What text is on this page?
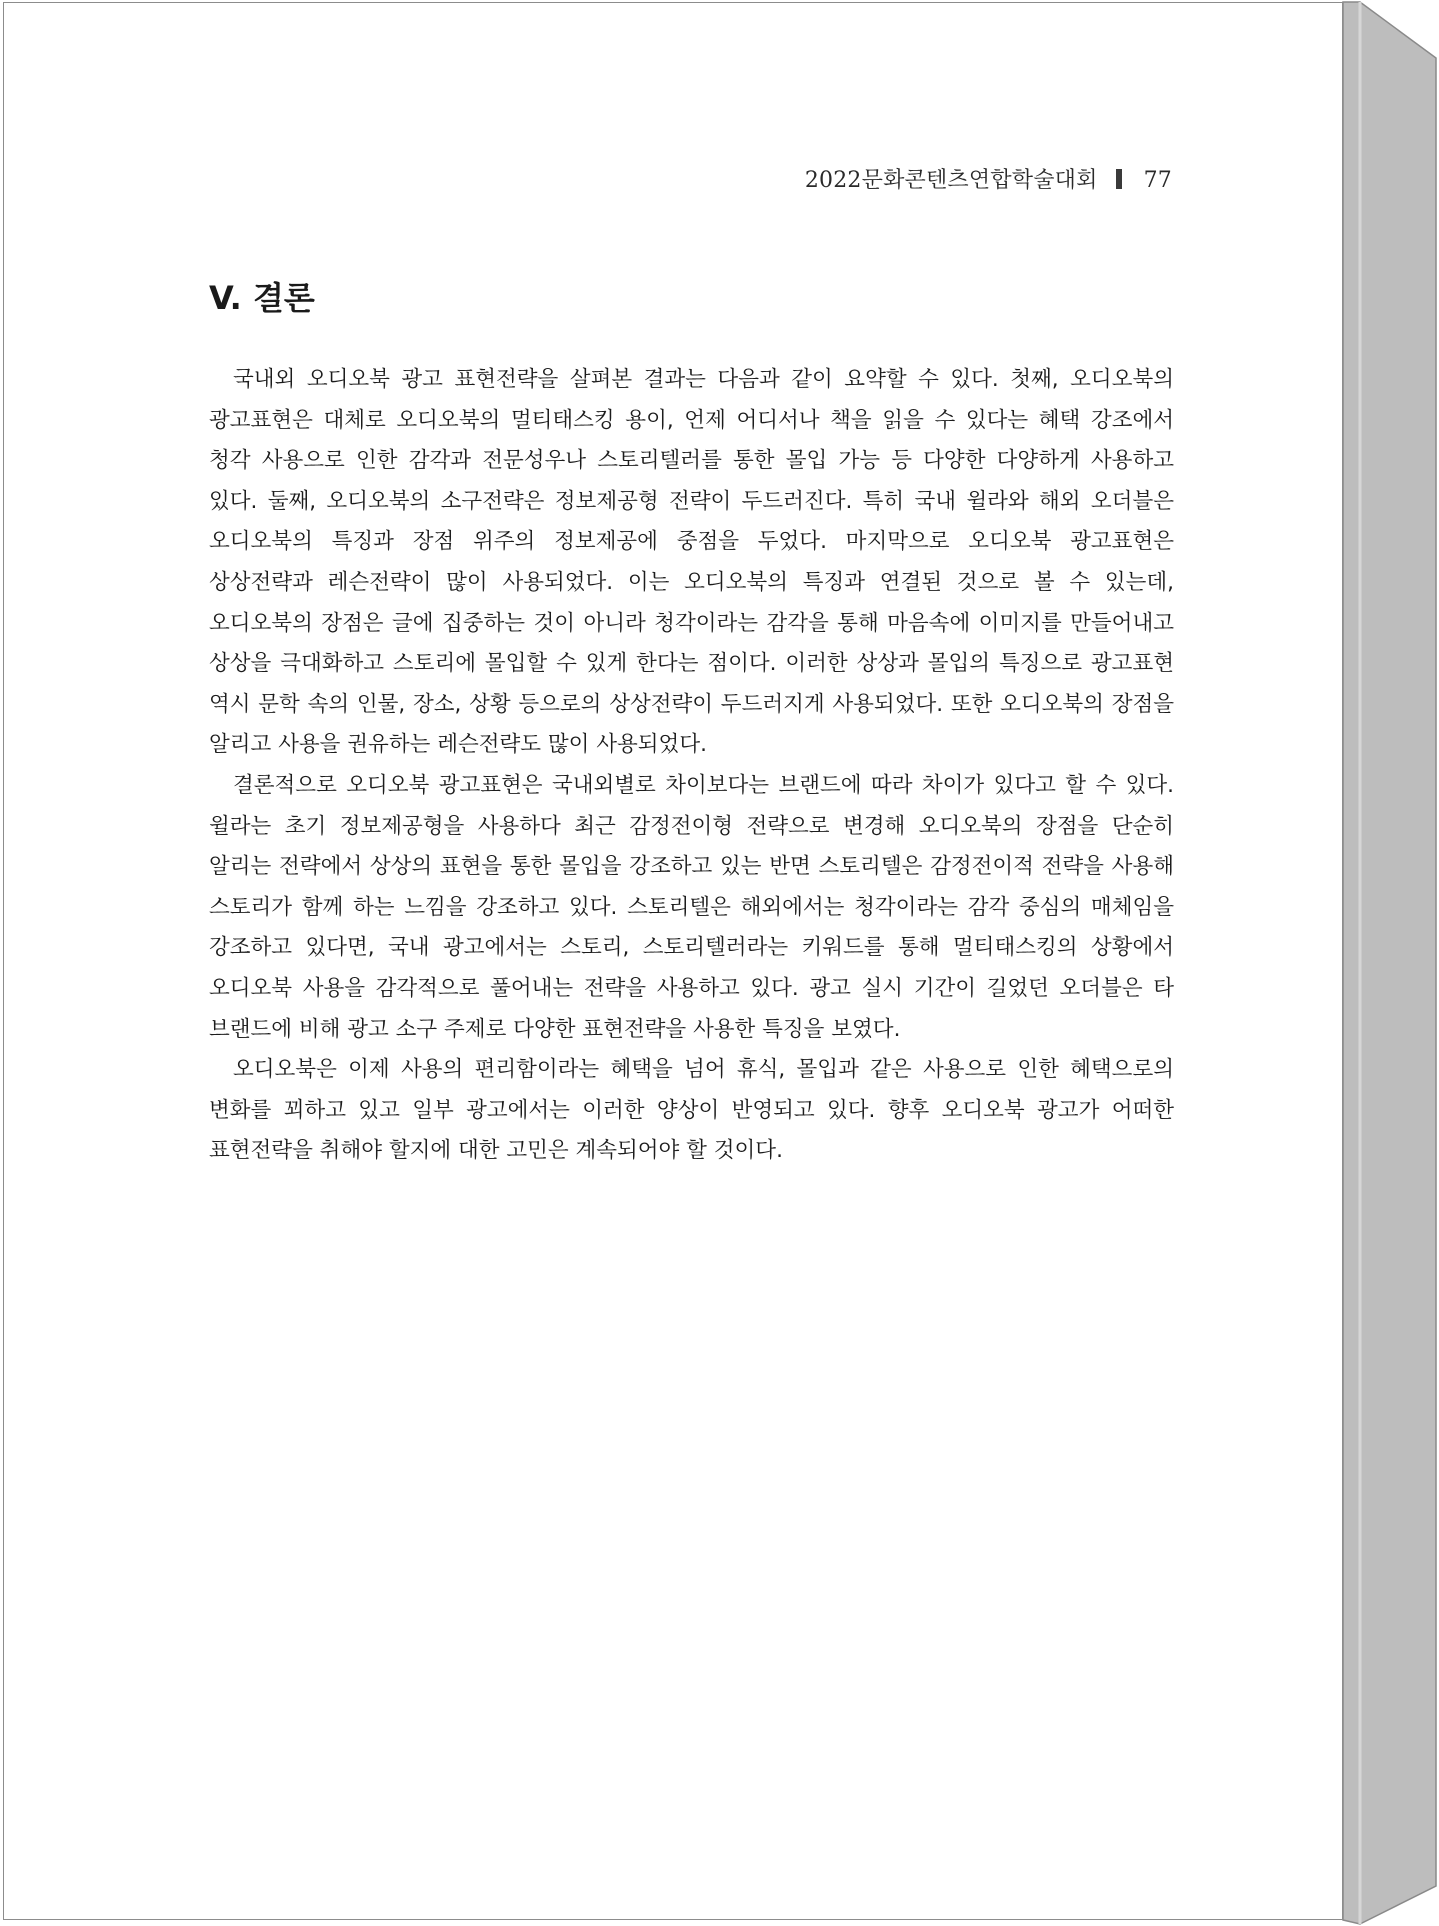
2022문화콘텐츠연합학술대회 77
V. 결론

국내외 오디오북 광고 표현전략을 살펴본 결과는 다음과 같이 요약할 수 있다. 첫째, 오디오북의 광고표현은 대체로 오디오북의 멀티태스킹 용이, 언제 어디서나 책을 읽을 수 있다는 혜택 강조에서 청각 사용으로 인한 감각과 전문성우나 스토리텔러를 통한 몰입 가능 등 다양한 다양하게 사용하고 있다. 둘째, 오디오북의 소구전략은 정보제공형 전략이 두드러진다. 특히 국내 윌라와 해외 오더블은 오디오북의 특징과 장점 위주의 정보제공에 중점을 두었다. 마지막으로 오디오북 광고표현은 상상전략과 레슨전략이 많이 사용되었다. 이는 오디오북의 특징과 연결된 것으로 볼 수 있는데, 오디오북의 장점은 글에 집중하는 것이 아니라 청각이라는 감각을 통해 마음속에 이미지를 만들어내고 상상을 극대화하고 스토리에 몰입할 수 있게 한다는 점이다. 이러한 상상과 몰입의 특징으로 광고표현 역시 문학 속의 인물, 장소, 상황 등으로의 상상전략이 두드러지게 사용되었다. 또한 오디오북의 장점을 알리고 사용을 권유하는 레슨전략도 많이 사용되었다.

결론적으로 오디오북 광고표현은 국내외별로 차이보다는 브랜드에 따라 차이가 있다고 할 수 있다. 윌라는 초기 정보제공형을 사용하다 최근 감정전이형 전략으로 변경해 오디오북의 장점을 단순히 알리는 전략에서 상상의 표현을 통한 몰입을 강조하고 있는 반면 스토리텔은 감정전이적 전략을 사용해 스토리가 함께 하는 느낌을 강조하고 있다. 스토리텔은 해외에서는 청각이라는 감각 중심의 매체임을 강조하고 있다면, 국내 광고에서는 스토리, 스토리텔러라는 키워드를 통해 멀티태스킹의 상황에서 오디오북 사용을 감각적으로 풀어내는 전략을 사용하고 있다. 광고 실시 기간이 길었던 오더블은 타 브랜드에 비해 광고 소구 주제로 다양한 표현전략을 사용한 특징을 보였다.

오디오북은 이제 사용의 편리함이라는 혜택을 넘어 휴식, 몰입과 같은 사용으로 인한 혜택으로의 변화를 꾀하고 있고 일부 광고에서는 이러한 양상이 반영되고 있다. 향후 오디오북 광고가 어떠한 표현전략을 취해야 할지에 대한 고민은 계속되어야 할 것이다.
